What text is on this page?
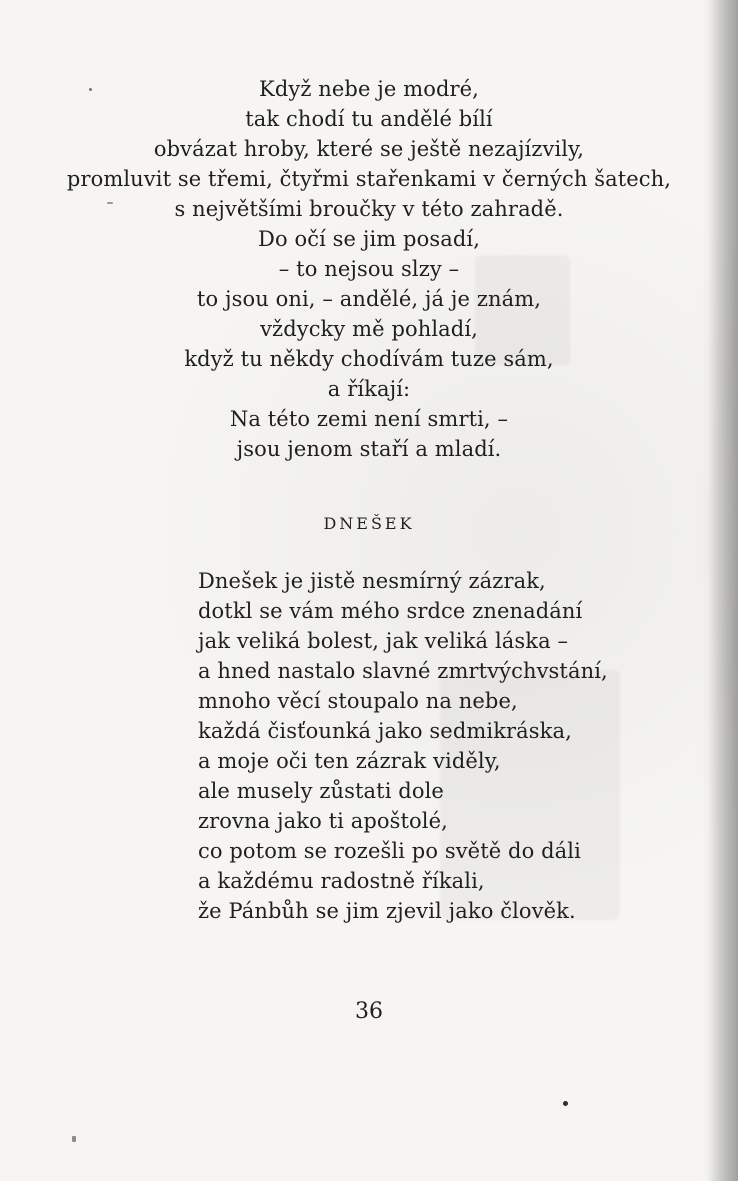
Když nebe je modré,
tak chodí tu andělé bílí
obvázat hroby, které se ještě nezajízvily,
promluvit se třemi, čtyřmi stařenkami v černých šatech,
s největšími broučky v této zahradě.
Do očí se jim posadí,
– to nejsou slzy –
to jsou oni, – andělé, já je znám,
vždycky mě pohladí,
když tu někdy chodívám tuze sám,
a říkají:
Na této zemi není smrti, –
jsou jenom staří a mladí.
DNEŠEK
Dnešek je jistě nesmírný zázrak,
dotkl se vám mého srdce znenadání
jak veliká bolest, jak veliká láska –
a hned nastalo slavné zmrtvýchvstání,
mnoho věcí stoupalo na nebe,
každá čisťounká jako sedmikráska,
a moje oči ten zázrak viděly,
ale musely zůstati dole
zrovna jako ti apoštolé,
co potom se rozešli po světě do dáli
a každému radostně říkali,
že Pánbůh se jim zjevil jako člověk.
36
